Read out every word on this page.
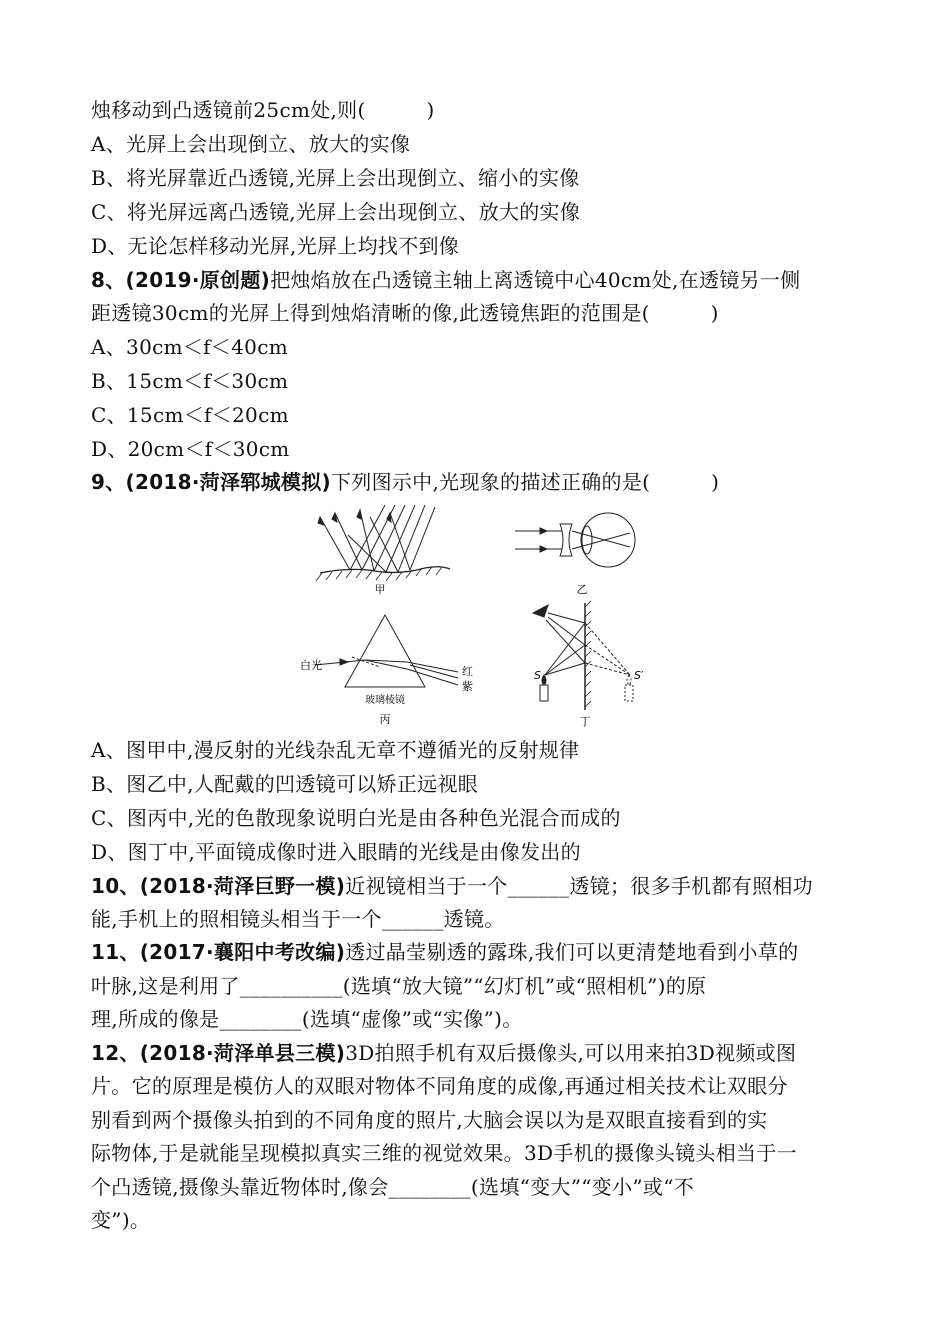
烛移动到凸透镜前25cm处,则(　　　)
A、光屏上会出现倒立、放大的实像
B、将光屏靠近凸透镜,光屏上会出现倒立、缩小的实像
C、将光屏远离凸透镜,光屏上会出现倒立、放大的实像
D、无论怎样移动光屏,光屏上均找不到像
8、(2019·原创题)把烛焰放在凸透镜主轴上离透镜中心40cm处,在透镜另一侧
距透镜30cm的光屏上得到烛焰清晰的像,此透镜焦距的范围是(　　　)
A、30cm＜f＜40cm
B、15cm＜f＜30cm
C、15cm＜f＜20cm
D、20cm＜f＜30cm
9、(2018·菏泽郓城模拟)下列图示中,光现象的描述正确的是(　　　)
甲	乙
白光	红
紫
玻璃棱镜
丙
S	S′
丁
A、图甲中,漫反射的光线杂乱无章不遵循光的反射规律
B、图乙中,人配戴的凹透镜可以矫正远视眼
C、图丙中,光的色散现象说明白光是由各种色光混合而成的
D、图丁中,平面镜成像时进入眼睛的光线是由像发出的
10、(2018·菏泽巨野一模)近视镜相当于一个______透镜；很多手机都有照相功
能,手机上的照相镜头相当于一个______透镜。
11、(2017·襄阳中考改编)透过晶莹剔透的露珠,我们可以更清楚地看到小草的
叶脉,这是利用了__________(选填“放大镜”“幻灯机”或“照相机”)的原
理,所成的像是________(选填“虚像”或“实像”)。
12、(2018·菏泽单县三模)3D拍照手机有双后摄像头,可以用来拍3D视频或图
片。它的原理是模仿人的双眼对物体不同角度的成像,再通过相关技术让双眼分
别看到两个摄像头拍到的不同角度的照片,大脑会误以为是双眼直接看到的实
际物体,于是就能呈现模拟真实三维的视觉效果。3D手机的摄像头镜头相当于一
个凸透镜,摄像头靠近物体时,像会________(选填“变大”“变小”或“不
变”)。
